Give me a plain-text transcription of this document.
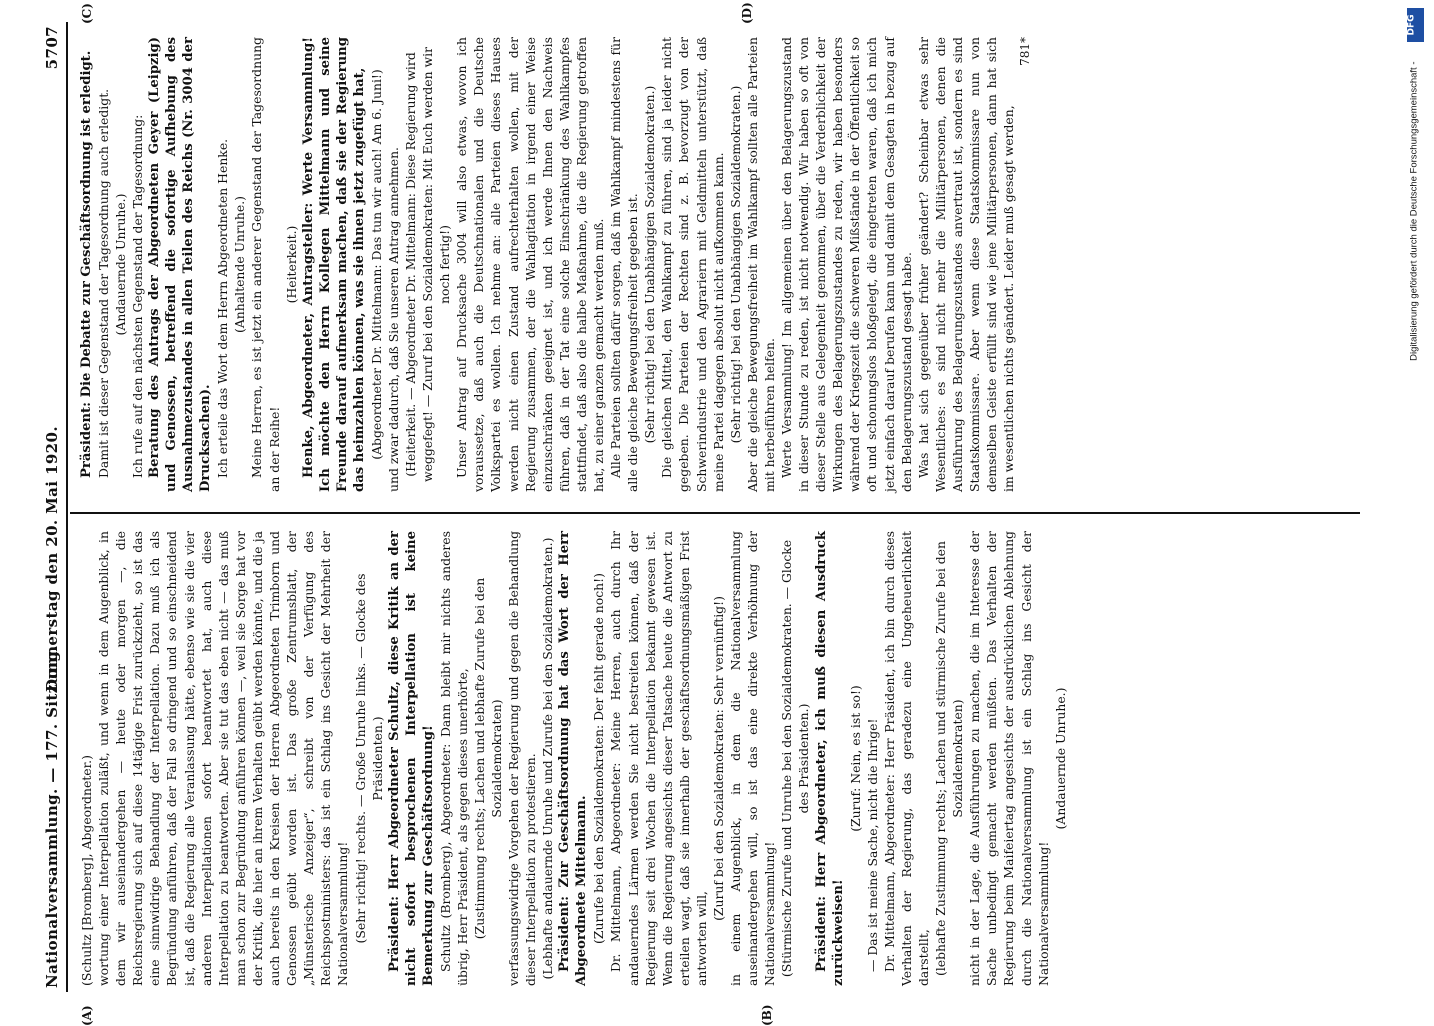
Nationalversammlung. — 177. Sitzung.
Donnerstag den 20. Mai 1920.
5707
(A)	(B)
(C)	(D)

(Schultz [Bromberg], Abgeordneter.) wortung einer Interpellation zuläßt, und wenn in dem Augenblick, in dem wir auseinandergehen — heute oder morgen —, die Reichsregierung sich auf diese 14tägige Frist zurückzieht, so ist das eine sinnwidrige Behandlung der Interpellation. Dazu muß ich als Begründung anführen, daß der Fall so dringend und so einschneidend ist, daß die Regierung alle Veranlassung hätte, ebenso wie sie die vier anderen Interpellationen sofort beantwortet hat, auch diese Interpellation zu beantworten. Aber sie tut das eben nicht — das muß man schon zur Begründung anführen können —, weil sie Sorge hat vor der Kritik, die hier an ihrem Verhalten geübt werden könnte, und die ja auch bereits in den Kreisen der Herren Abgeordneten Trimborn und Genossen geübt worden ist. Das große Zentrumsblatt, der „Münsterische Anzeiger“, schreibt von der Verfügung des Reichspostministers: das ist ein Schlag ins Gesicht der Mehrheit der Nationalversammlung! (Sehr richtig! rechts. — Große Unruhe links. — Glocke des Präsidenten.) Präsident: Herr Abgeordneter Schultz, diese Kritik an der nicht sofort besprochenen Interpellation ist keine Bemerkung zur Geschäftsordnung! Schultz (Bromberg), Abgeordneter: Dann bleibt mir nichts anderes übrig, Herr Präsident, als gegen dieses unerhörte, (Zustimmung rechts; Lachen und lebhafte Zurufe bei den Sozialdemokraten) verfassungswidrige Vorgehen der Regierung und gegen die Behandlung dieser Interpellation zu protestieren. (Lebhafte andauernde Unruhe und Zurufe bei den Sozialdemokraten.) Präsident: Zur Geschäftsordnung hat das Wort der Herr Abgeordnete Mittelmann. (Zurufe bei den Sozialdemokraten: Der fehlt gerade noch!) Dr. Mittelmann, Abgeordneter: Meine Herren, auch durch Ihr andauerndes Lärmen werden Sie nicht bestreiten können, daß der Regierung seit drei Wochen die Interpellation bekannt gewesen ist. Wenn die Regierung angesichts dieser Tatsache heute die Antwort zu erteilen wagt, daß sie innerhalb der geschäftsordnungsmäßigen Frist antworten will,

(Zuruf bei den Sozialdemokraten: Sehr vernünftig!) in einem Augenblick, in dem die Nationalversammlung auseinandergehen will, so ist das eine direkte Verhöhnung der Nationalversammlung! (Stürmische Zurufe und Unruhe bei den Sozialdemokraten. — Glocke des Präsidenten.) Präsident: Herr Abgeordneter, ich muß diesen Ausdruck zurückweisen!

(Zuruf: Nein, es ist so!) — Das ist meine Sache, nicht die Ihrige! Dr. Mittelmann, Abgeordneter: Herr Präsident, ich bin durch dieses Verhalten der Regierung, das geradezu eine Ungeheuerlichkeit darstellt, (lebhafte Zustimmung rechts; Lachen und stürmische Zurufe bei den Sozialdemokraten) nicht in der Lage, die Ausführungen zu machen, die im Interesse der Sache unbedingt gemacht werden müßten. Das Verhalten der Regierung beim Maifeiertag angesichts der ausdrücklichen Ablehnung durch die Nationalversammlung ist ein Schlag ins Gesicht der Nationalversammlung!

(Andauernde Unruhe.)

Präsident: Die Debatte zur Geschäftsordnung ist erledigt. Damit ist dieser Gegenstand der Tagesordnung auch erledigt. (Andauernde Unruhe.) Ich rufe auf den nächsten Gegenstand der Tagesordnung: Beratung des Antrags der Abgeordneten Geyer (Leipzig) und Genossen, betreffend die sofortige Aufhebung des Ausnahmezustandes in allen Teilen des Reichs (Nr. 3004 der Drucksachen). Ich erteile das Wort dem Herrn Abgeordneten Henke. (Anhaltende Unruhe.) Meine Herren, es ist jetzt ein anderer Gegenstand der Tagesordnung an der Reihe!

(Heiterkeit.) Henke, Abgeordneter, Antragsteller: Werte Versammlung! Ich möchte den Herrn Kollegen Mittelmann und seine Freunde darauf aufmerksam machen, daß sie der Regierung das heimzahlen können, was sie ihnen jetzt zugefügt hat, (Abgeordneter Dr. Mittelmann: Das tun wir auch! Am 6. Juni!) und zwar dadurch, daß Sie unseren Antrag annehmen. (Heiterkeit. — Abgeordneter Dr. Mittelmann: Diese Regierung wird weggefegt! — Zuruf bei den Sozialdemokraten: Mit Euch werden wir noch fertig!) Unser Antrag auf Drucksache 3004 will also etwas, wovon ich voraussetze, daß auch die Deutschnationalen und die Deutsche Volkspartei es wollen. Ich nehme an: alle Parteien dieses Hauses werden nicht einen Zustand aufrechterhalten wollen, mit der Regierung zusammen, der die Wahlagitation in irgend einer Weise einzuschränken geeignet ist, und ich werde Ihnen den Nachweis führen, daß in der Tat eine solche Einschränkung des Wahlkampfes stattfindet, daß also die halbe Maßnahme, die die Regierung getroffen hat, zu einer ganzen gemacht werden muß. Alle Parteien sollten dafür sorgen, daß im Wahlkampf mindestens für alle die gleiche Bewegungsfreiheit gegeben ist. (Sehr richtig! bei den Unabhängigen Sozialdemokraten.) Die gleichen Mittel, den Wahlkampf zu führen, sind ja leider nicht gegeben. Die Parteien der Rechten sind z. B. bevorzugt von der Schwerindustrie und den Agrariern mit Geldmitteln unterstützt, daß meine Partei dagegen absolut nicht aufkommen kann. (Sehr richtig! bei den Unabhängigen Sozialdemokraten.) Aber die gleiche Bewegungsfreiheit im Wahlkampf sollten alle Parteien mit herbeiführen helfen. Werte Versammlung! Im allgemeinen über den Belagerungszustand in dieser Stunde zu reden, ist nicht notwendig. Wir haben so oft von dieser Stelle aus Gelegenheit genommen, über die Verderblichkeit der Wirkungen des Belagerungszustandes zu reden, wir haben besonders während der Kriegszeit die schweren Mißstände in der Öffentlichkeit so oft und schonungslos bloßgelegt, die eingetreten waren, daß ich mich jetzt einfach darauf berufen kann und damit dem Gesagten in bezug auf den Belagerungszustand gesagt habe. Was hat sich gegenüber früher geändert? Scheinbar etwas sehr Wesentliches: es sind nicht mehr die Militärpersonen, denen die Ausführung des Belagerungszustandes anvertraut ist, sondern es sind Staatskommissare. Aber wenn diese Staatskommissare nun von demselben Geiste erfüllt sind wie jene Militärpersonen, dann hat sich im wesentlichen nichts geändert. Leider muß gesagt werden,

781*

DFG
Digitalisierung gefördert durch die Deutsche Forschungsgemeinschaft -
